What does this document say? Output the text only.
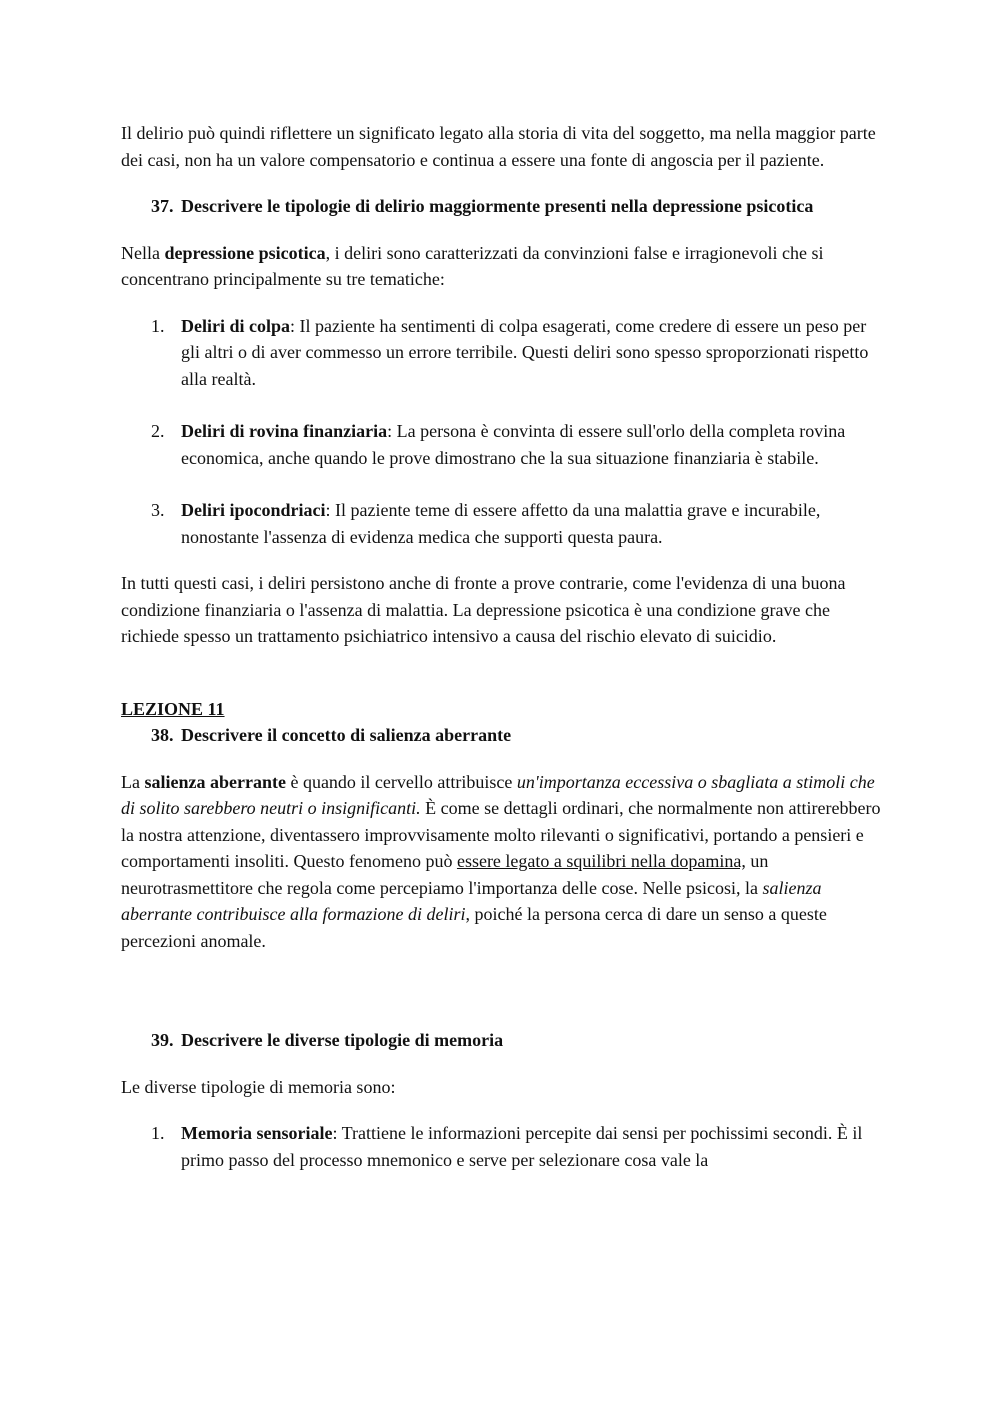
Il delirio può quindi riflettere un significato legato alla storia di vita del soggetto, ma nella maggior parte dei casi, non ha un valore compensatorio e continua a essere una fonte di angoscia per il paziente.

37. Descrivere le tipologie di delirio maggiormente presenti nella depressione psicotica

Nella depressione psicotica, i deliri sono caratterizzati da convinzioni false e irragionevoli che si concentrano principalmente su tre tematiche:

1. Deliri di colpa: Il paziente ha sentimenti di colpa esagerati, come credere di essere un peso per gli altri o di aver commesso un errore terribile. Questi deliri sono spesso sproporzionati rispetto alla realtà.
2. Deliri di rovina finanziaria: La persona è convinta di essere sull'orlo della completa rovina economica, anche quando le prove dimostrano che la sua situazione finanziaria è stabile.
3. Deliri ipocondriaci: Il paziente teme di essere affetto da una malattia grave e incurabile, nonostante l'assenza di evidenza medica che supporti questa paura.

In tutti questi casi, i deliri persistono anche di fronte a prove contrarie, come l'evidenza di una buona condizione finanziaria o l'assenza di malattia. La depressione psicotica è una condizione grave che richiede spesso un trattamento psichiatrico intensivo a causa del rischio elevato di suicidio.

LEZIONE 11

38. Descrivere il concetto di salienza aberrante

La salienza aberrante è quando il cervello attribuisce un'importanza eccessiva o sbagliata a stimoli che di solito sarebbero neutri o insignificanti. È come se dettagli ordinari, che normalmente non attirerebbero la nostra attenzione, diventassero improvvisamente molto rilevanti o significativi, portando a pensieri e comportamenti insoliti. Questo fenomeno può essere legato a squilibri nella dopamina, un neurotrasmettitore che regola come percepiamo l'importanza delle cose. Nelle psicosi, la salienza aberrante contribuisce alla formazione di deliri, poiché la persona cerca di dare un senso a queste percezioni anomale.

39. Descrivere le diverse tipologie di memoria

Le diverse tipologie di memoria sono:

1. Memoria sensoriale: Trattiene le informazioni percepite dai sensi per pochissimi secondi. È il primo passo del processo mnemonico e serve per selezionare cosa vale la
